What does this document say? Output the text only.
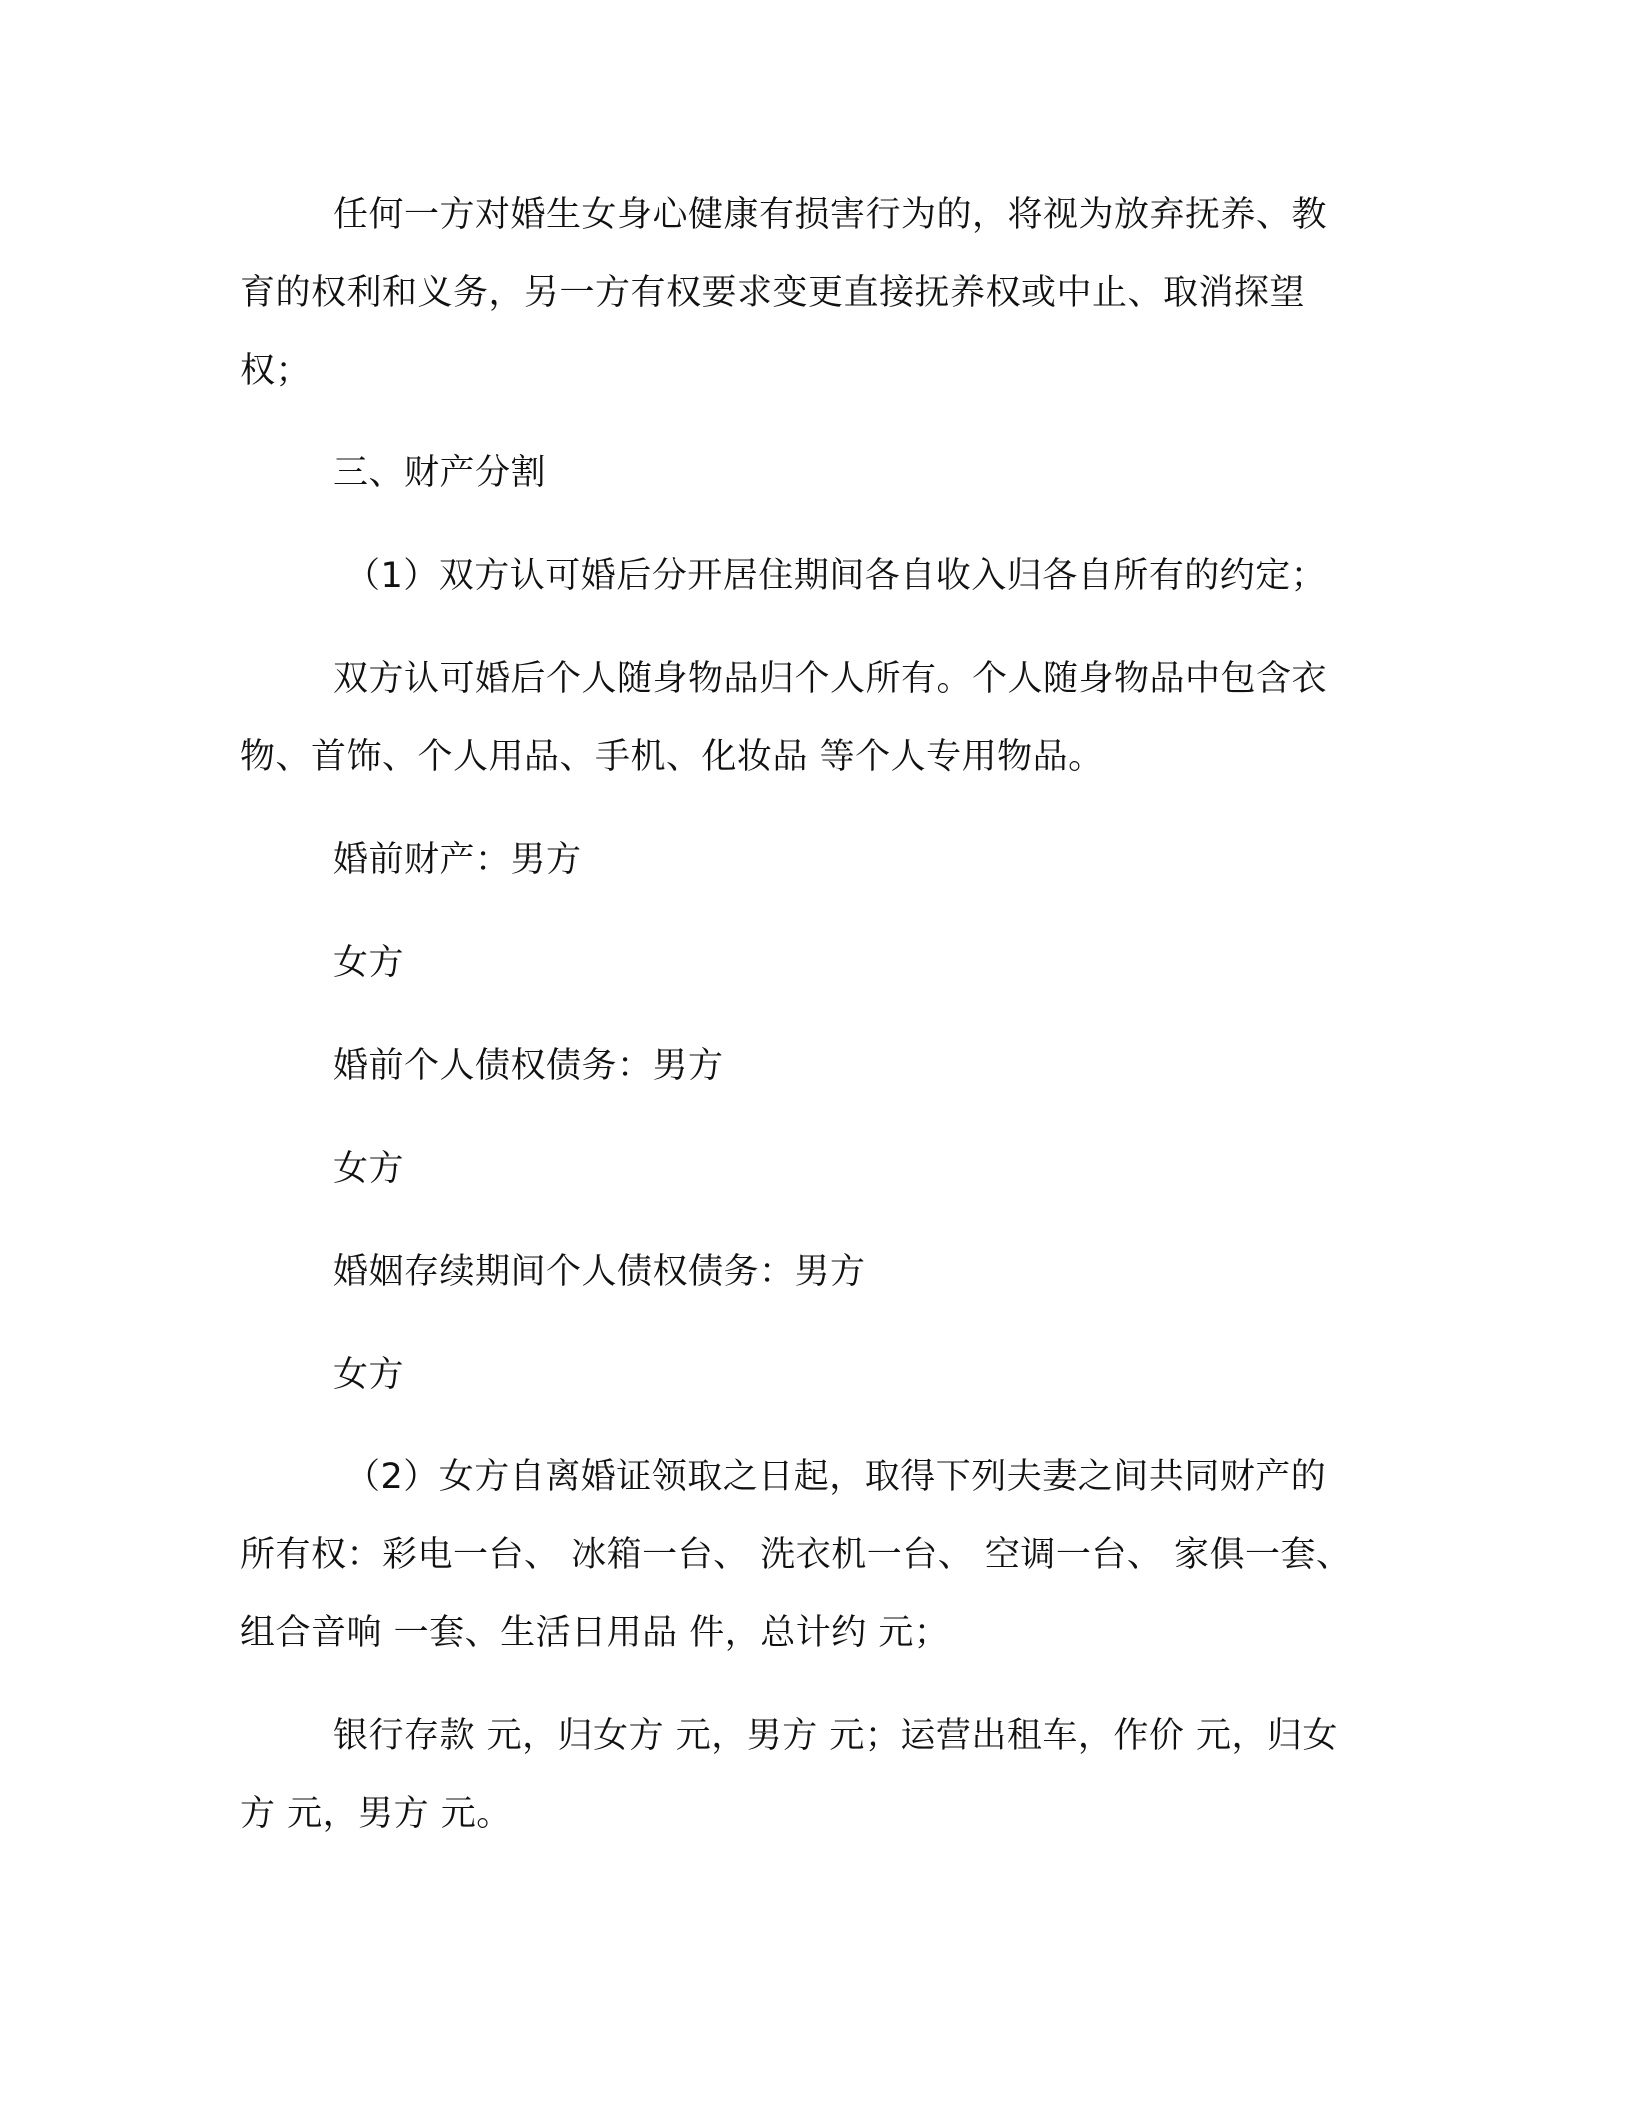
任何一方对婚生女身心健康有损害行为的，将视为放弃抚养、教

育的权利和义务，另一方有权要求变更直接抚养权或中止、取消探望

权；

三、财产分割

（1）双方认可婚后分开居住期间各自收入归各自所有的约定；

双方认可婚后个人随身物品归个人所有。个人随身物品中包含衣

物、首饰、个人用品、手机、化妆品 等个人专用物品。

婚前财产：男方

女方

婚前个人债权债务：男方

女方

婚姻存续期间个人债权债务：男方

女方

（2）女方自离婚证领取之日起，取得下列夫妻之间共同财产的

所有权：彩电一台、 冰箱一台、 洗衣机一台、 空调一台、 家俱一套、

组合音响 一套、生活日用品 件，总计约 元；

银行存款 元，归女方 元，男方 元；运营出租车，作价 元，归女

方 元，男方 元。
